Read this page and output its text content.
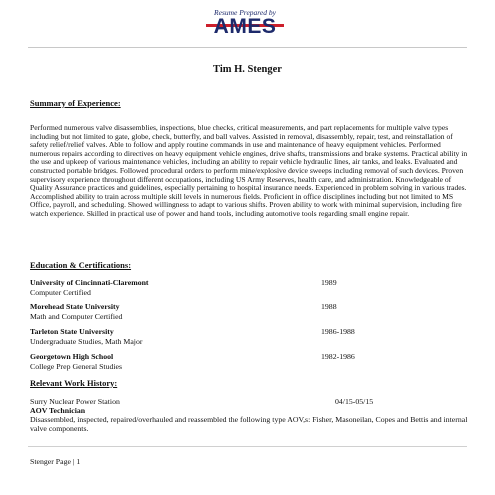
Resume Prepared by
AMES
Tim H. Stenger
Summary of Experience:
Performed numerous valve disassemblies, inspections, blue checks, critical measurements, and part replacements for multiple valve types including but not limited to gate, globe, check, butterfly, and ball valves. Assisted in removal, disassembly, repair, test, and reinstallation of safety relief/relief valves. Able to follow and apply routine commands in use and maintenance of heavy equipment vehicles. Performed numerous repairs according to directives on heavy equipment vehicle engines, drive shafts, transmissions and brake systems. Practical ability in the use and upkeep of various maintenance vehicles, including an ability to repair vehicle hydraulic lines, air tanks, and leaks. Evaluated and constructed portable bridges. Followed procedural orders to perform mine/explosive device sweeps including removal of such devices. Proven supervisory experience throughout different occupations, including US Army Reserves, health care, and administration. Knowledgeable of Quality Assurance practices and guidelines, especially pertaining to hospital insurance needs. Experienced in problem solving in various trades. Accomplished ability to train across multiple skill levels in numerous fields. Proficient in office disciplines including but not limited to MS Office, payroll, and scheduling. Showed willingness to adapt to various shifts. Proven ability to work with minimal supervision, including fire watch experience. Skilled in practical use of power and hand tools, including automotive tools regarding small engine repair.
Education & Certifications:
University of Cincinnati-Claremont
Computer Certified
1989
Morehead State University
Math and Computer Certified
1988
Tarleton State University
Undergraduate Studies, Math Major
1986-1988
Georgetown High School
College Prep General Studies
1982-1986
Relevant Work History:
Surry Nuclear Power Station	04/15-05/15
AOV Technician
Disassembled, inspected, repaired/overhauled and reassembled the following type AOV,s: Fisher, Masoneilan, Copes and Bettis and internal valve components.
Stenger Page | 1
